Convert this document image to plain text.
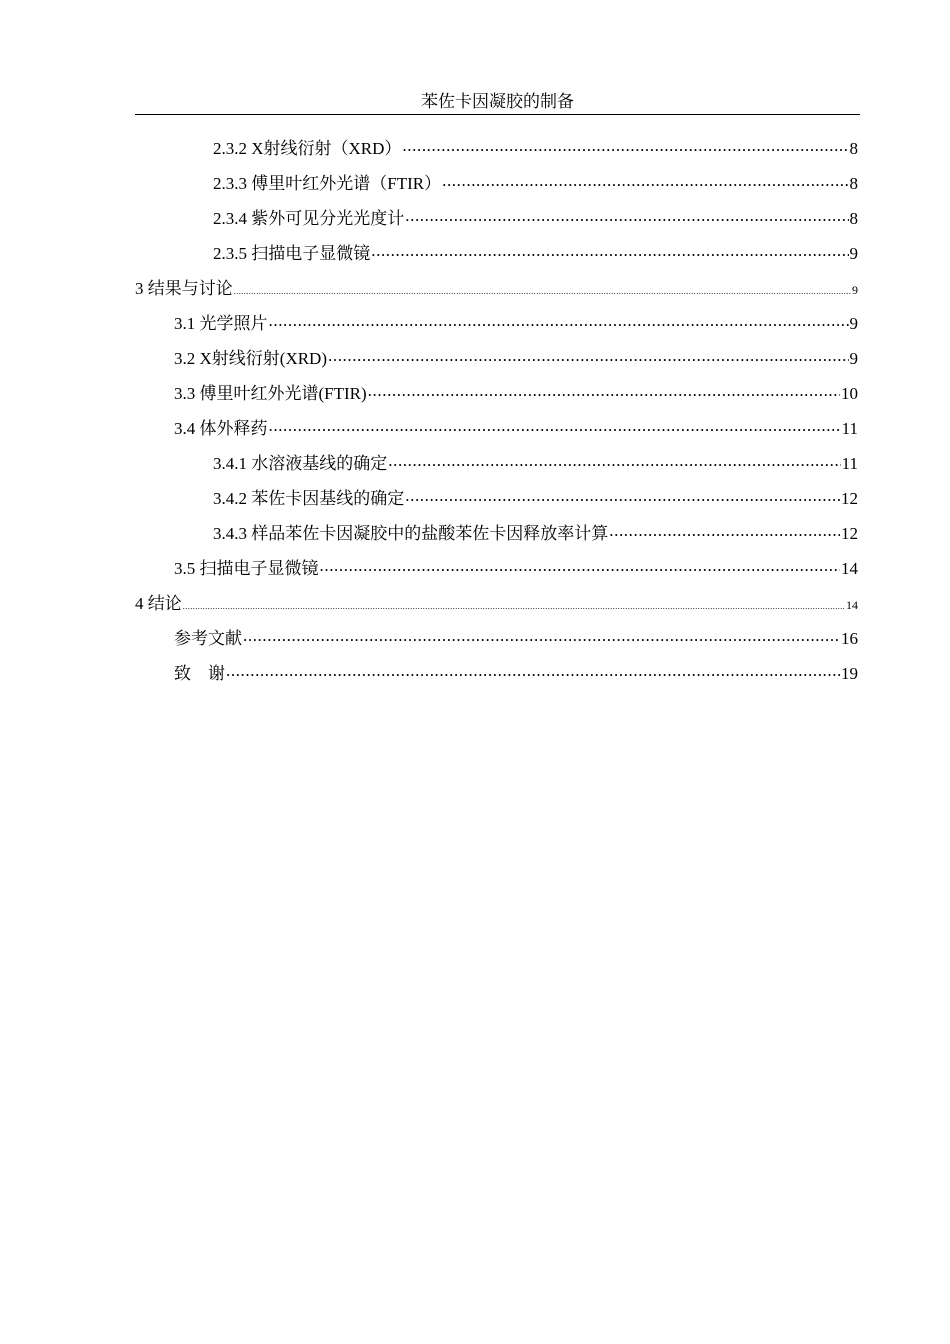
苯佐卡因凝胶的制备
2.3.2 X射线衍射（XRD） .....	8
2.3.3 傅里叶红外光谱（FTIR） .....	8
2.3.4 紫外可见分光光度计 .....	8
2.3.5 扫描电子显微镜 .....	9
3 结果与讨论 .....	9
3.1 光学照片 .....	9
3.2 X射线衍射(XRD) .....	9
3.3 傅里叶红外光谱(FTIR) .....	10
3.4 体外释药 .....	11
3.4.1 水溶液基线的确定 .....	11
3.4.2 苯佐卡因基线的确定 .....	12
3.4.3 样品苯佐卡因凝胶中的盐酸苯佐卡因释放率计算 .....	12
3.5 扫描电子显微镜 .....	14
4 结论 .....	14
参考文献 .....	16
致　谢 .....	19
